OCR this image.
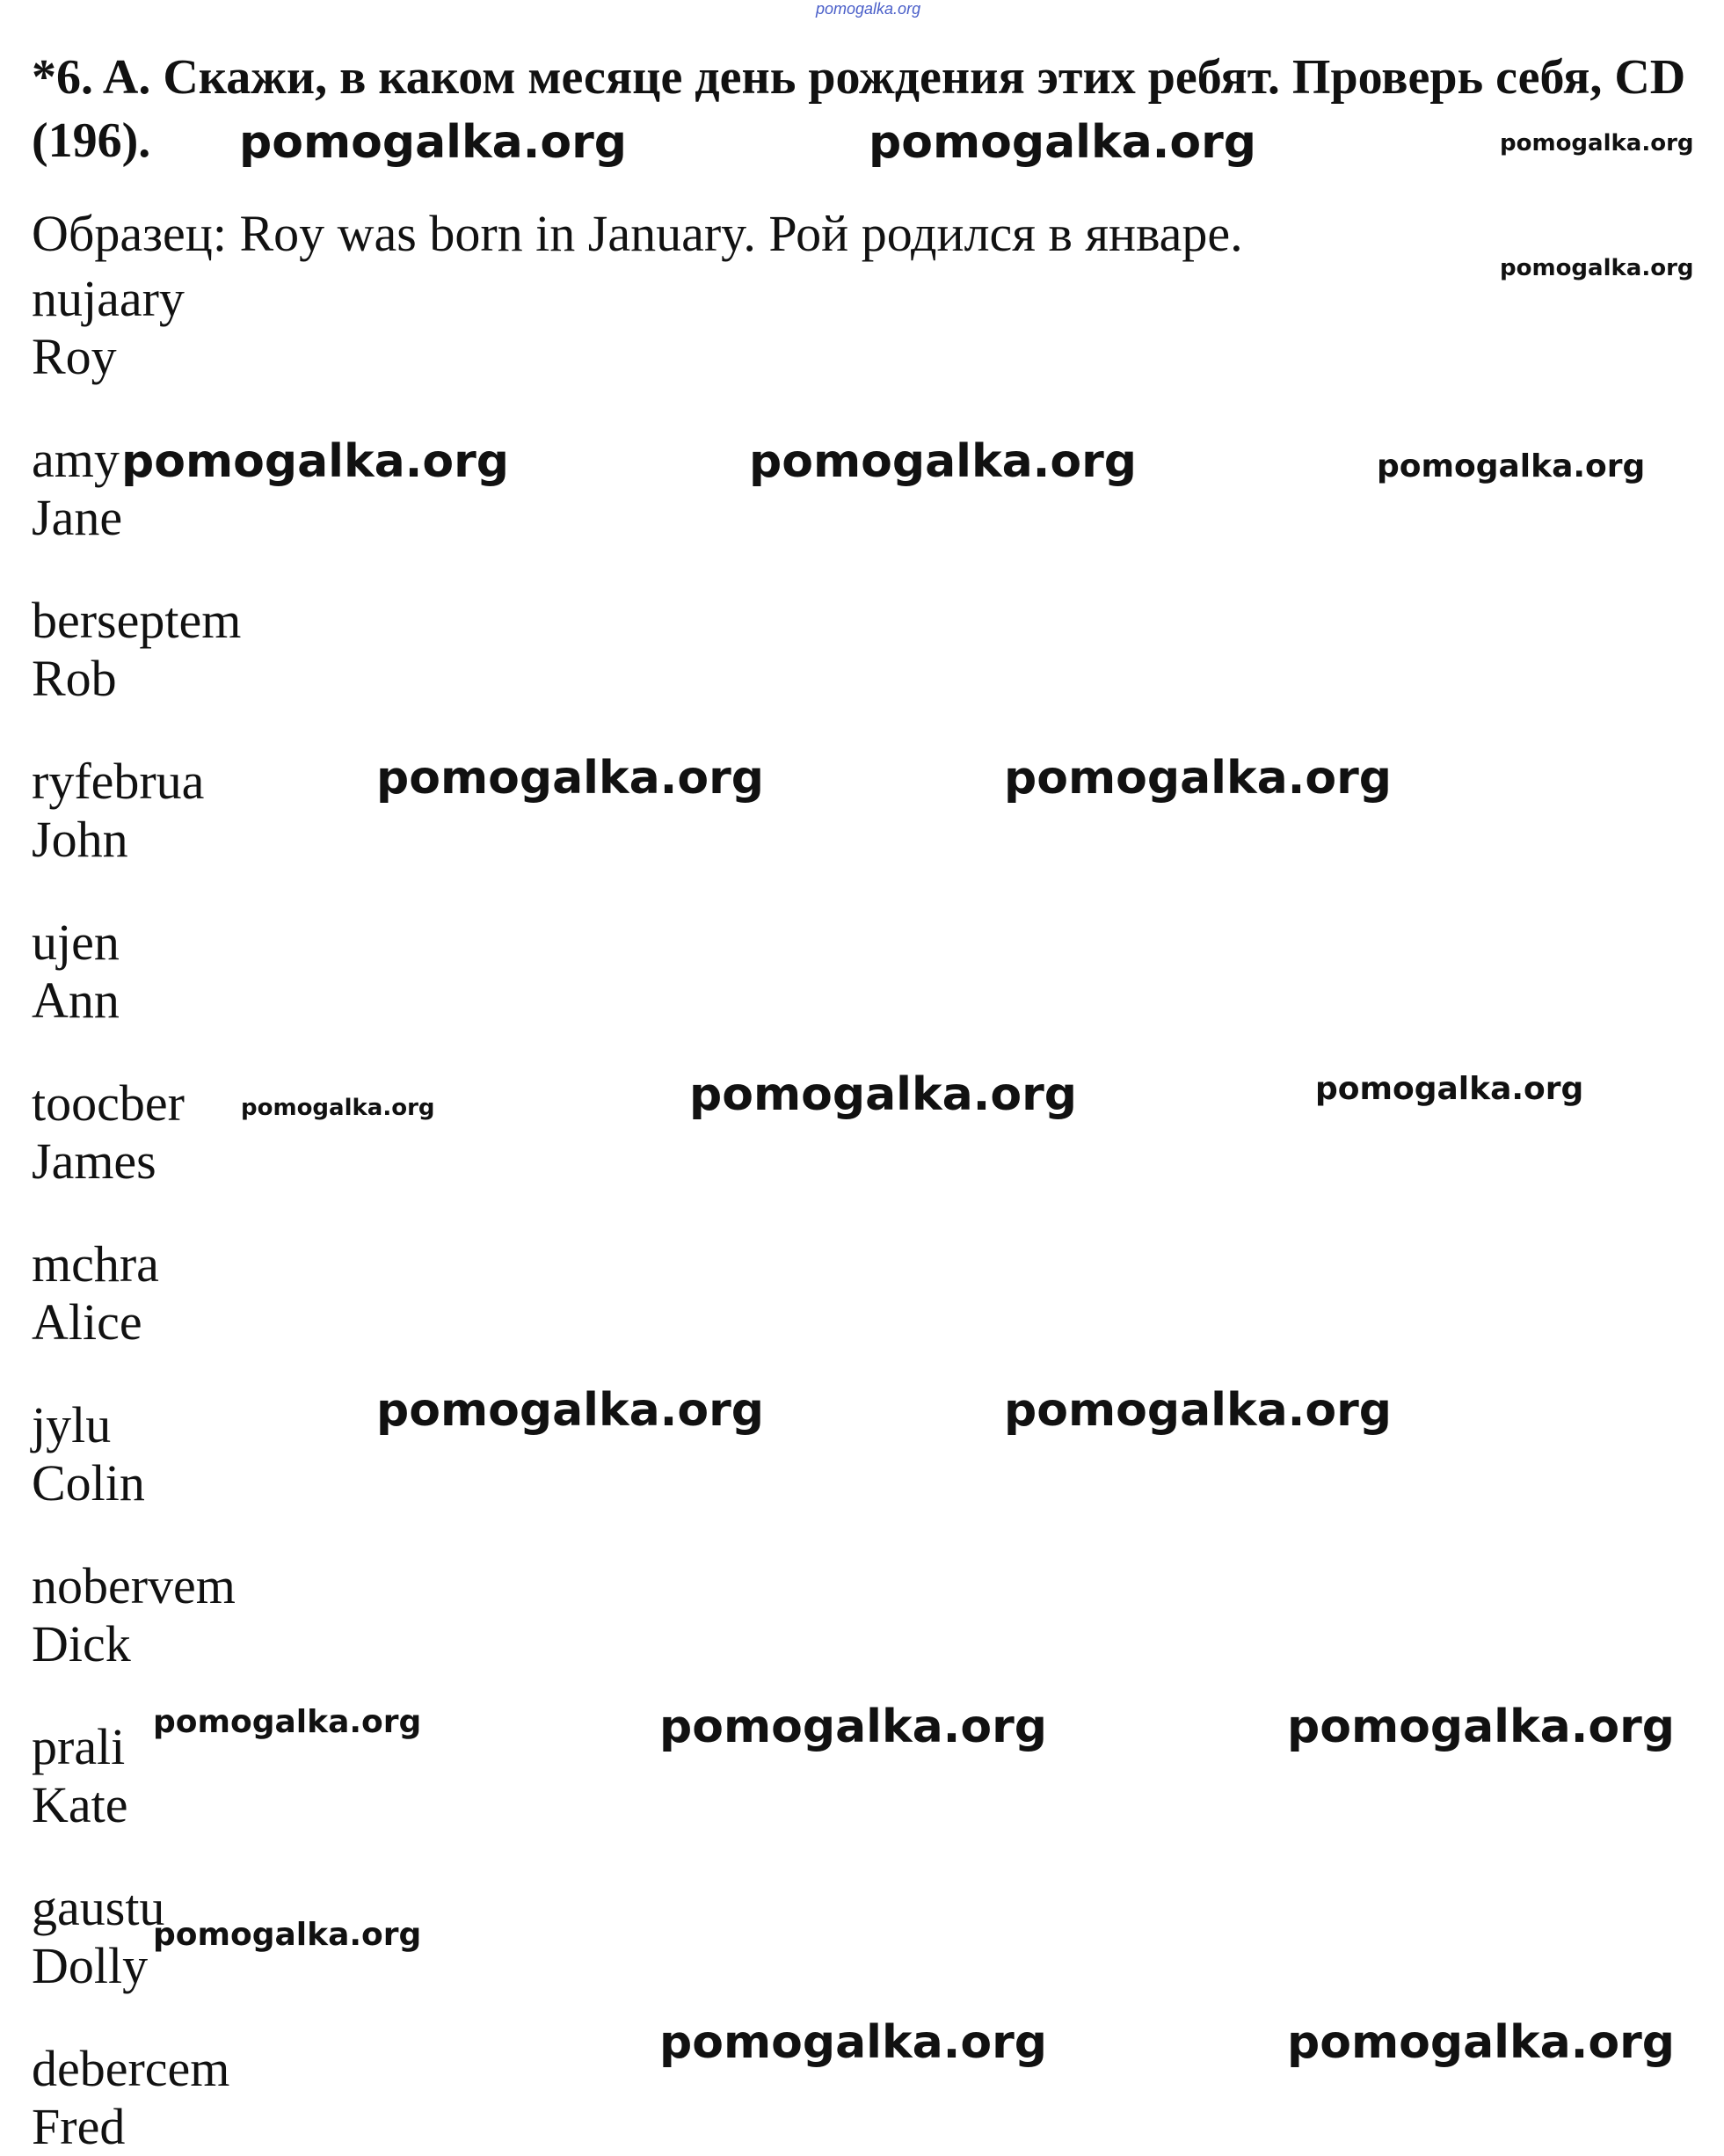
pomogalka.org
*6. A. Скажи, в каком месяце день рождения этих ребят. Проверь себя, CD (196).
Образец: Roy was born in January. Рой родился в январе.
nujaary
Roy
amy
Jane
berseptem
Rob
ryfebrua
John
ujen
Ann
toocber
James
mchra
Alice
jylu
Colin
nobervem
Dick
prali
Kate
gaustu
Dolly
debercem
Fred
pomogalka.org	pomogalka.org	pomogalka.org
pomogalka.org
pomogalka.org	pomogalka.org	pomogalka.org
pomogalka.org	pomogalka.org
pomogalka.org	pomogalka.org	pomogalka.org
pomogalka.org	pomogalka.org
pomogalka.org	pomogalka.org	pomogalka.org
pomogalka.org
pomogalka.org	pomogalka.org
